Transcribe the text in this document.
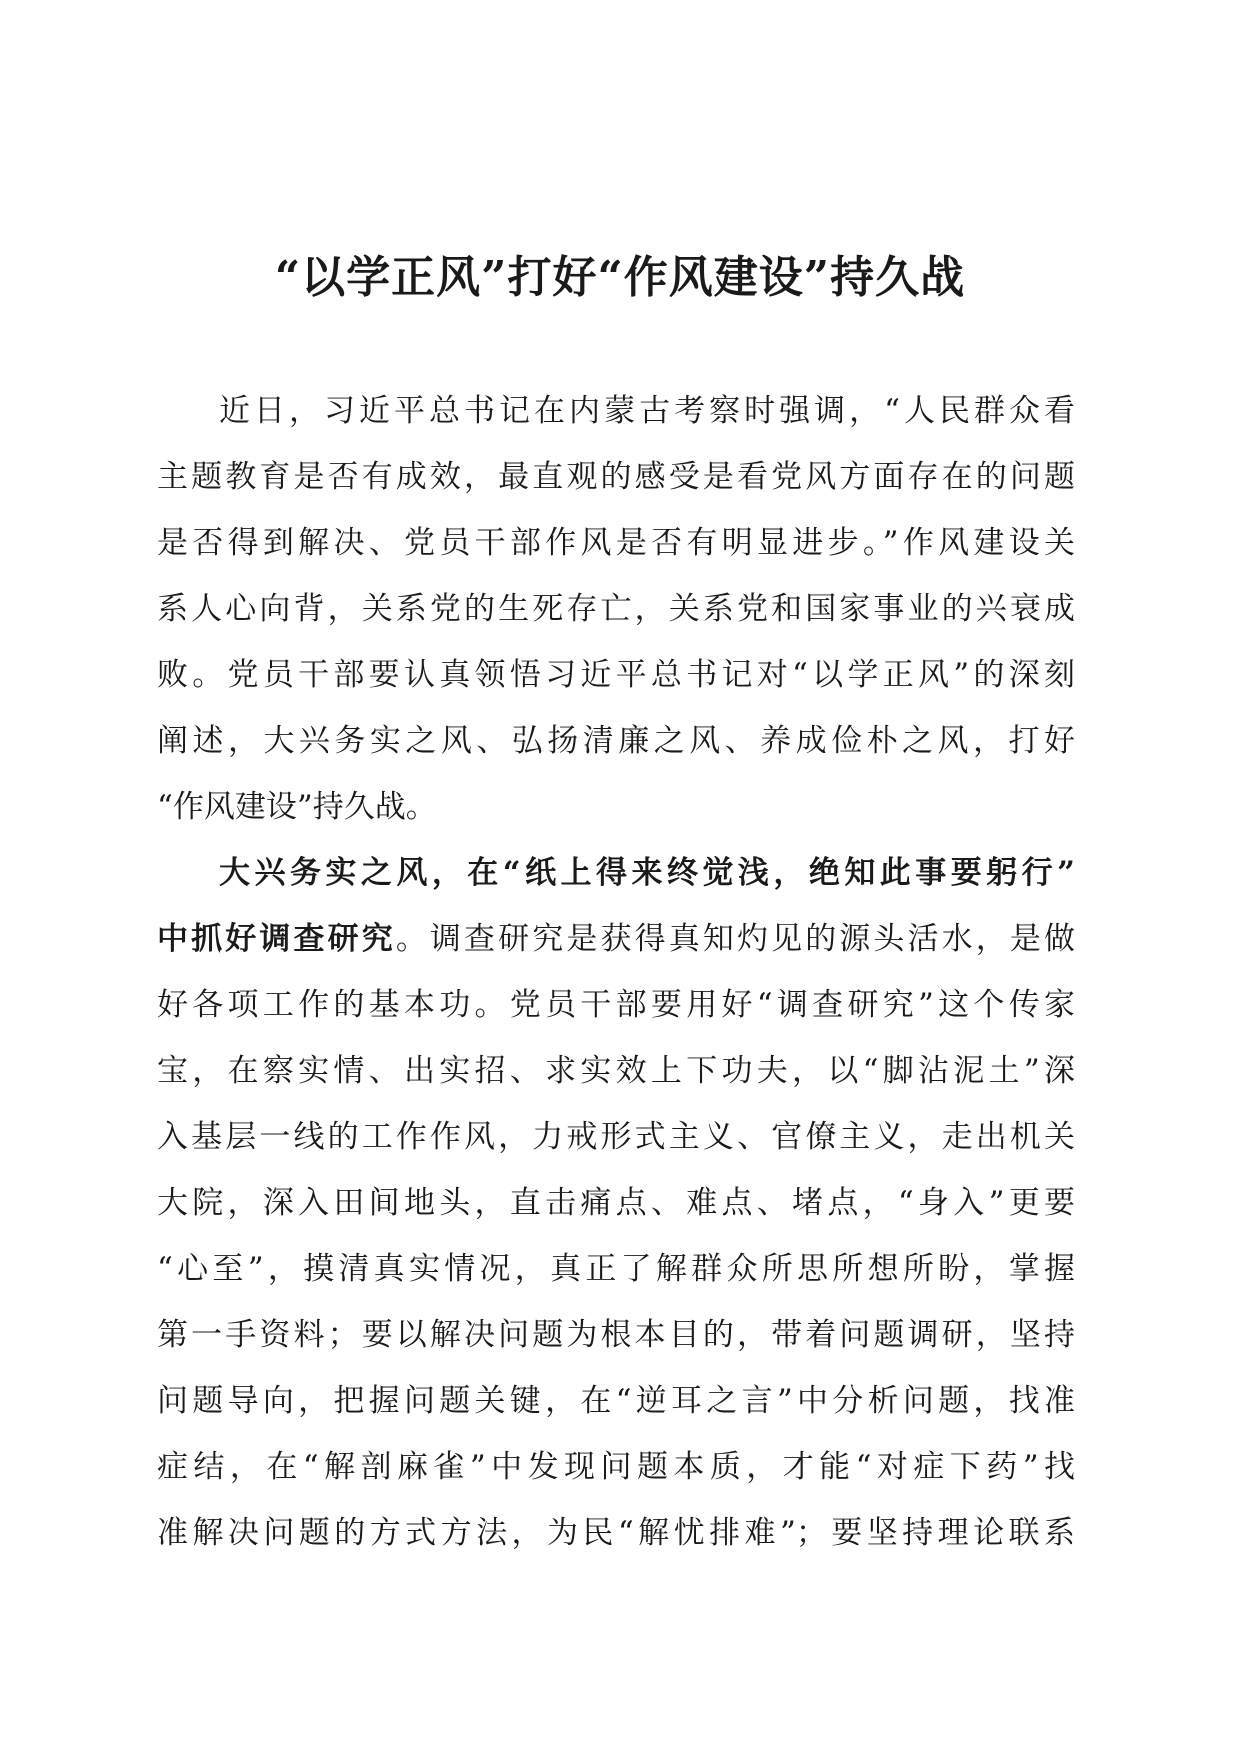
“以学正风”打好“作风建设”持久战
近日，习近平总书记在内蒙古考察时强调，“人民群众看
主题教育是否有成效，最直观的感受是看党风方面存在的问题
是否得到解决、党员干部作风是否有明显进步。”作风建设关
系人心向背，关系党的生死存亡，关系党和国家事业的兴衰成
败。党员干部要认真领悟习近平总书记对“以学正风”的深刻
阐述，大兴务实之风、弘扬清廉之风、养成俭朴之风，打好
“作风建设”持久战。
大兴务实之风，在“纸上得来终觉浅，绝知此事要躬行”
中抓好调查研究。调查研究是获得真知灼见的源头活水，是做
好各项工作的基本功。党员干部要用好“调查研究”这个传家
宝，在察实情、出实招、求实效上下功夫，以“脚沾泥土”深
入基层一线的工作作风，力戒形式主义、官僚主义，走出机关
大院，深入田间地头，直击痛点、难点、堵点，“身入”更要
“心至”，摸清真实情况，真正了解群众所思所想所盼，掌握
第一手资料；要以解决问题为根本目的，带着问题调研，坚持
问题导向，把握问题关键，在“逆耳之言”中分析问题，找准
症结，在“解剖麻雀”中发现问题本质，才能“对症下药”找
准解决问题的方式方法，为民“解忧排难”；要坚持理论联系
